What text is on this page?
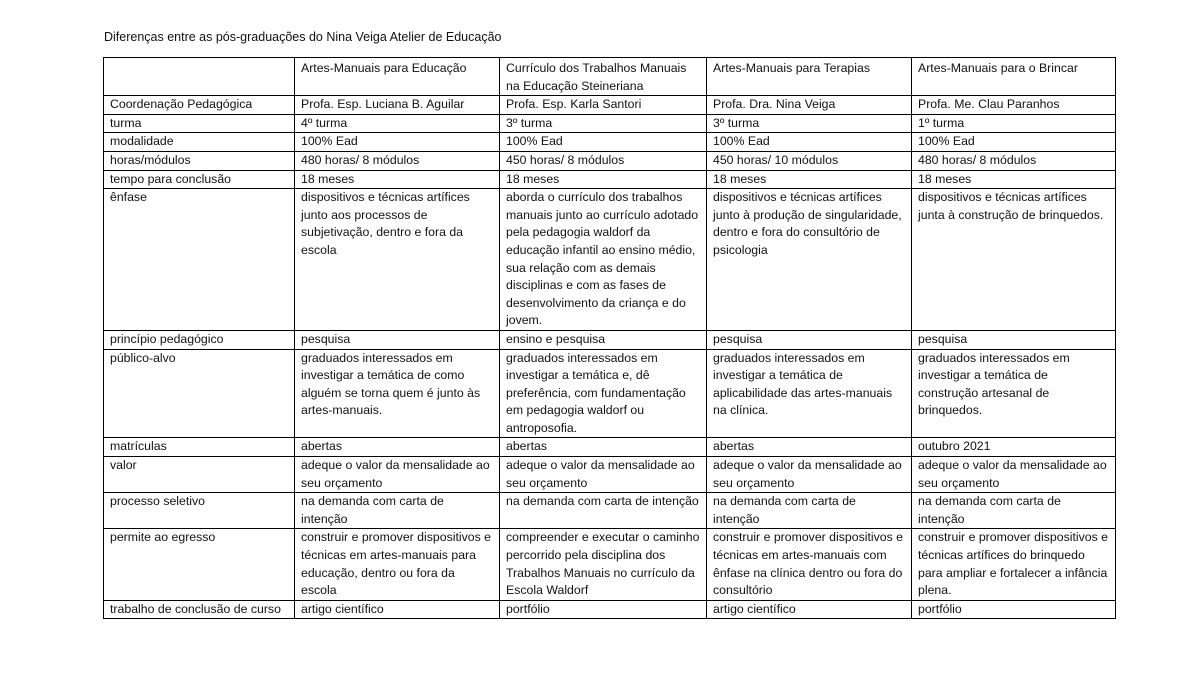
Diferenças entre as pós-graduações do Nina Veiga Atelier de Educação
	Artes-Manuais para Educação	Currículo dos Trabalhos Manuais na Educação Steineriana	Artes-Manuais para Terapias	Artes-Manuais para o Brincar
Coordenação Pedagógica	Profa. Esp. Luciana B. Aguilar	Profa. Esp. Karla Santori	Profa. Dra. Nina Veiga	Profa. Me. Clau Paranhos
turma	4º turma	3º turma	3º turma	1º turma
modalidade	100% Ead	100% Ead	100% Ead	100% Ead
horas/módulos	480 horas/ 8 módulos	450 horas/ 8 módulos	450 horas/ 10 módulos	480 horas/ 8 módulos
tempo para conclusão	18 meses	18 meses	18 meses	18 meses
ênfase	dispositivos e técnicas artífices junto aos processos de subjetivação, dentro e fora da escola	aborda o currículo dos trabalhos manuais junto ao currículo adotado pela pedagogia waldorf da educação infantil ao ensino médio, sua relação com as demais disciplinas e com as fases de desenvolvimento da criança e do jovem.	dispositivos e técnicas artífices junto à produção de singularidade, dentro e fora do consultório de psicologia	dispositivos e técnicas artífices junta à construção de brinquedos.
princípio pedagógico	pesquisa	ensino e pesquisa	pesquisa	pesquisa
público-alvo	graduados interessados em investigar a temática de como alguém se torna quem é junto às artes-manuais.	graduados interessados em investigar a temática e, dê preferência, com fundamentação em pedagogia waldorf ou antroposofia.	graduados interessados em investigar a temática de aplicabilidade das artes-manuais na clínica.	graduados interessados em investigar a temática de construção artesanal de brinquedos.
matrículas	abertas	abertas	abertas	outubro 2021
valor	adeque o valor da mensalidade ao seu orçamento	adeque o valor da mensalidade ao seu orçamento	adeque o valor da mensalidade ao seu orçamento	adeque o valor da mensalidade ao seu orçamento
processo seletivo	na demanda com carta de intenção	na demanda com carta de intenção	na demanda com carta de intenção	na demanda com carta de intenção
permite ao egresso	construir e promover dispositivos e técnicas em artes-manuais para educação, dentro ou fora da escola	compreender e executar o caminho percorrido pela disciplina dos Trabalhos Manuais no currículo da Escola Waldorf	construir e promover dispositivos e técnicas em artes-manuais com ênfase na clínica dentro ou fora do consultório	construir e promover dispositivos e técnicas artífices do brinquedo para ampliar e fortalecer a infância plena.
trabalho de conclusão de curso	artigo científico	portfólio	artigo científico	portfólio
